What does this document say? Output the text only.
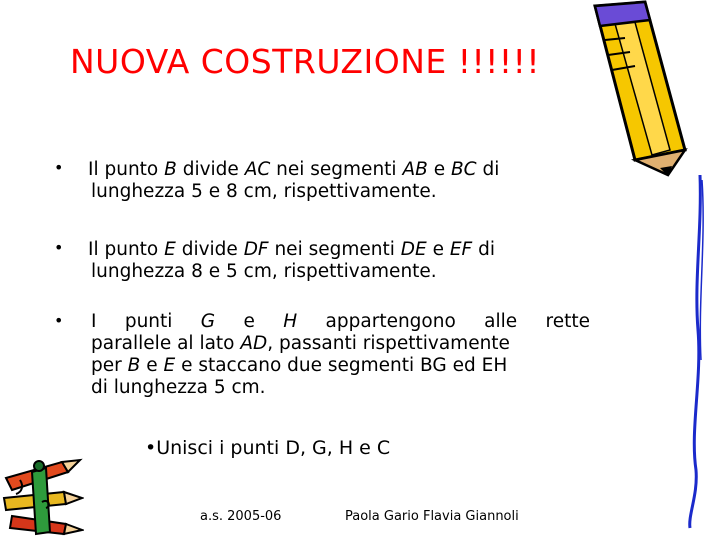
NUOVA COSTRUZIONE !!!!!!
• Il punto B divide AC nei segmenti AB e BC di
lunghezza 5 e 8 cm, rispettivamente.
• Il punto E divide DF nei segmenti DE e EF di
lunghezza 8 e 5 cm, rispettivamente.
• I punti G e H appartengono alle rette
parallele al lato AD, passanti rispettivamente
per B e E e staccano due segmenti BG ed EH
di lunghezza 5 cm.
•Unisci i punti D, G, H e C
a.s. 2005-06	Paola Gario Flavia Giannoli
